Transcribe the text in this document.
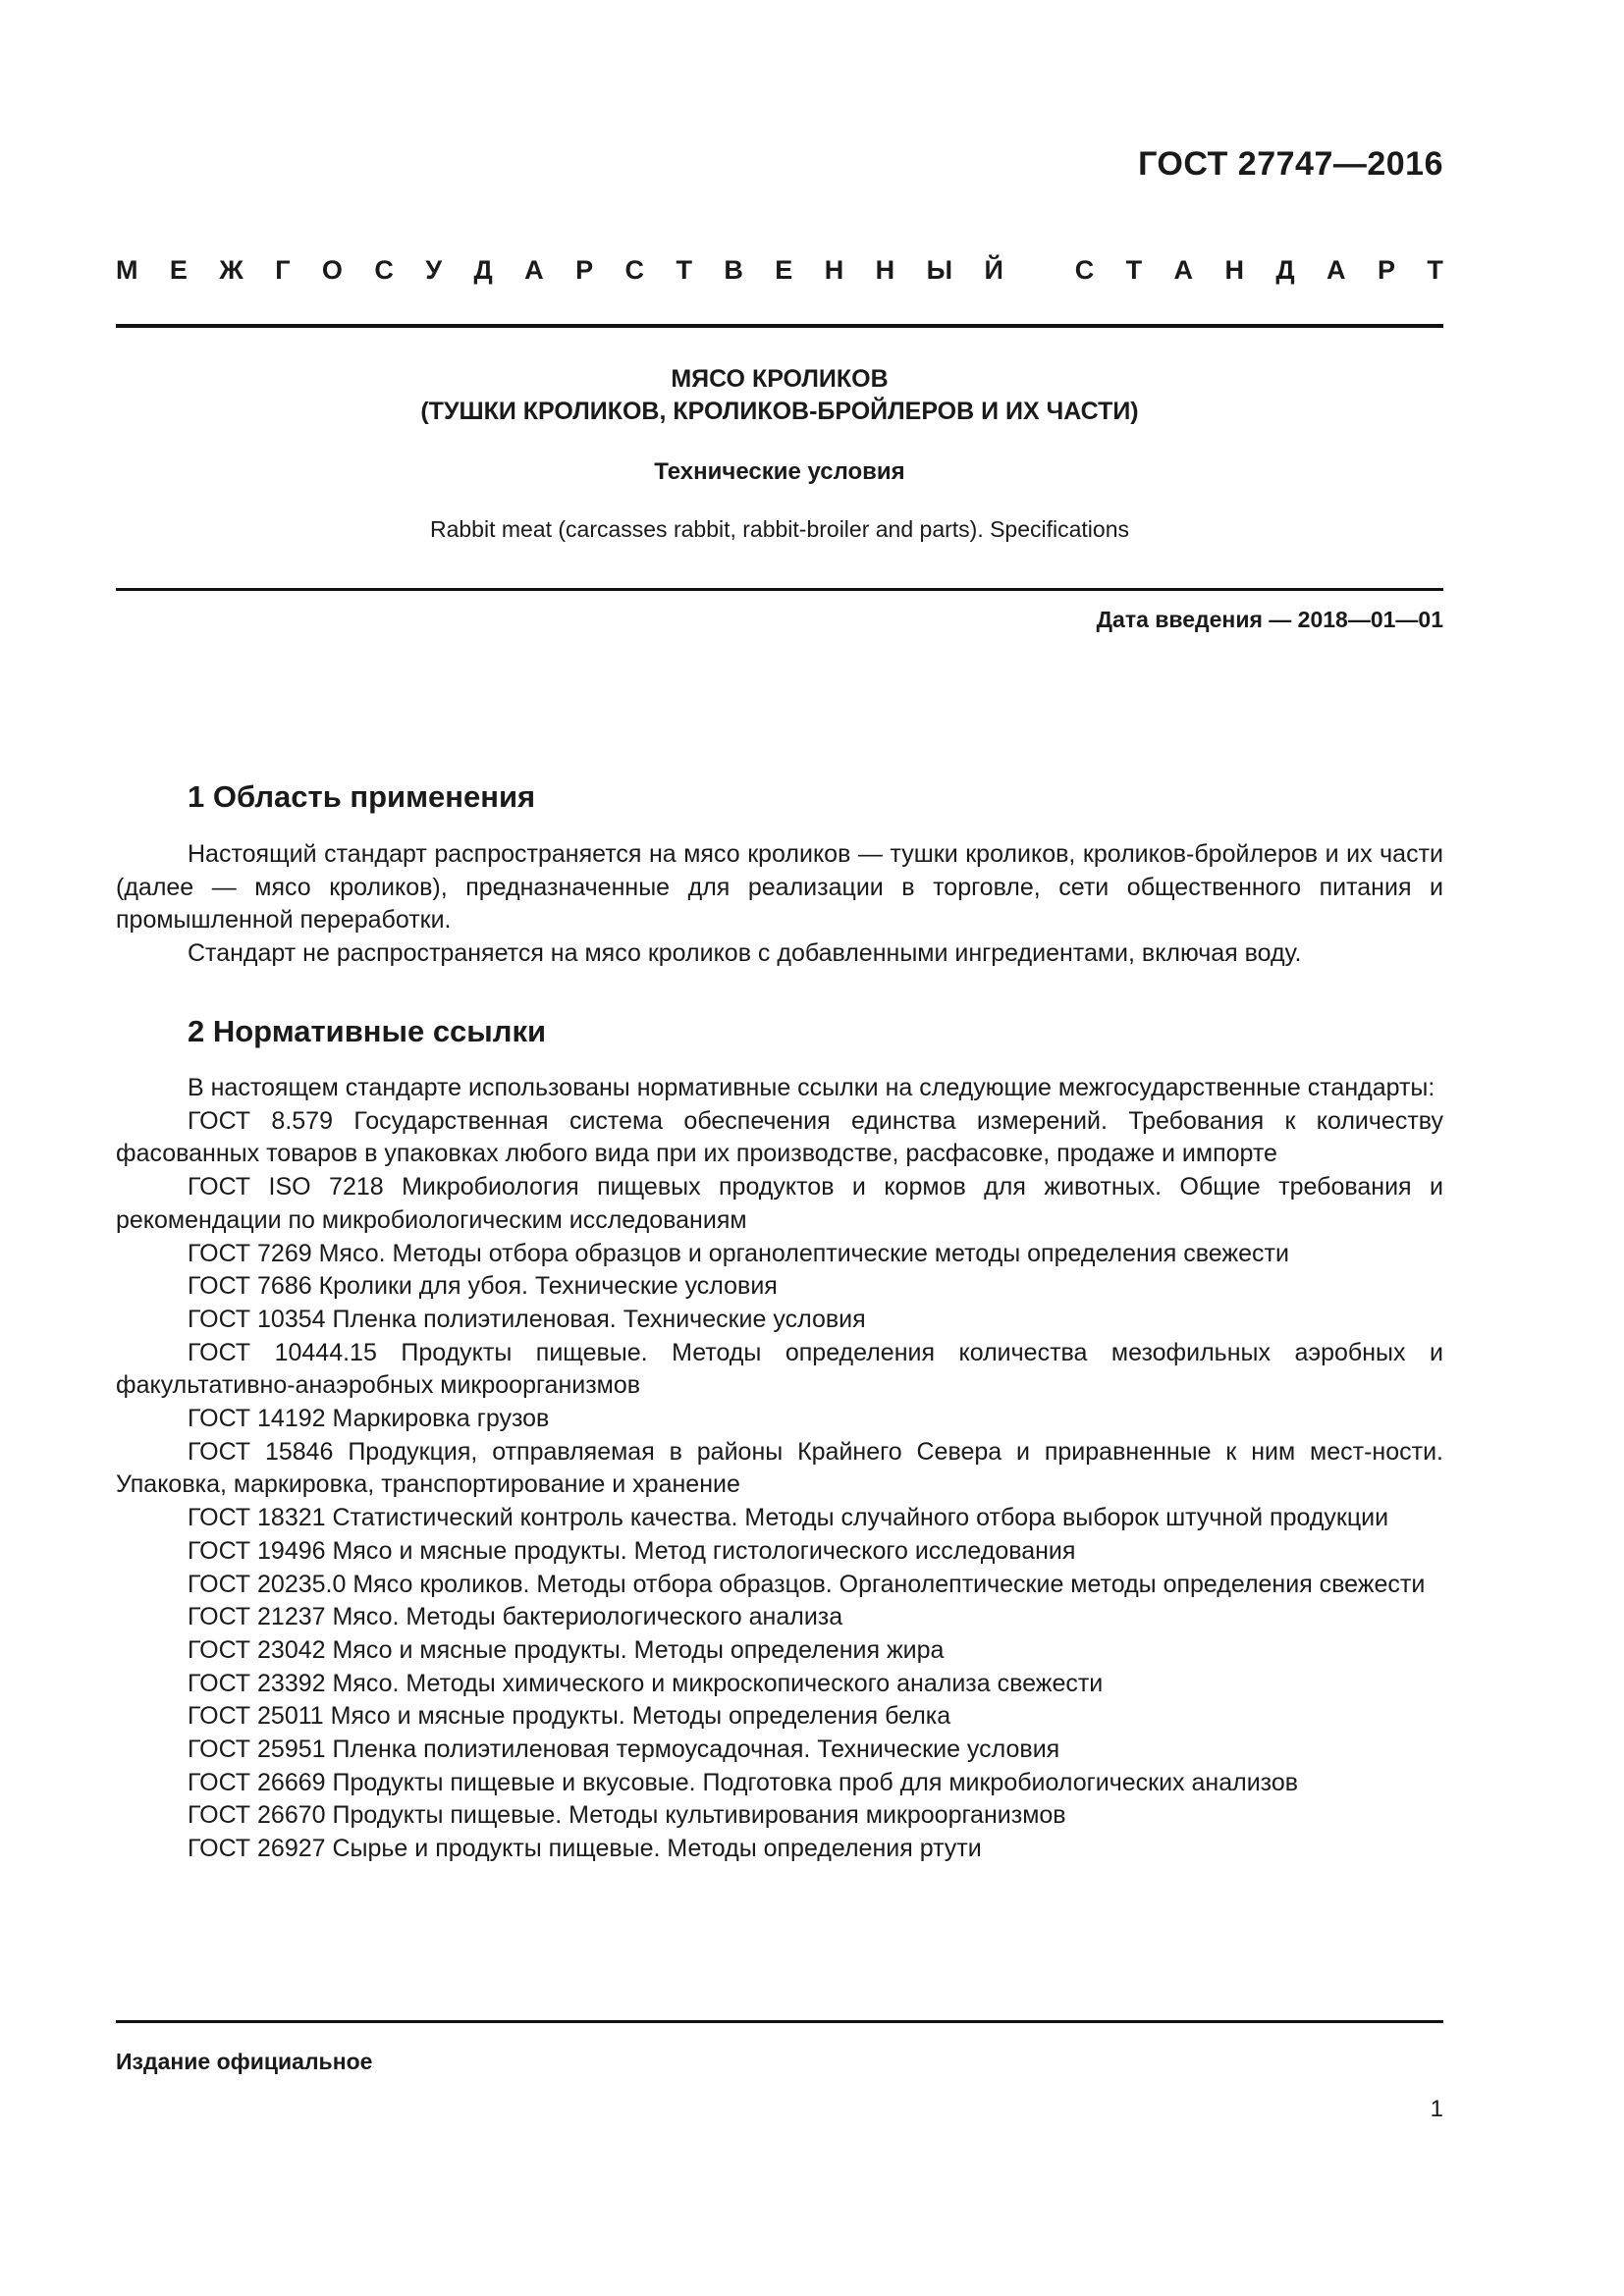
ГОСТ 27747—2016
М Е Ж Г О С У Д А Р С Т В Е Н Н Ы Й	С Т А Н Д А Р Т
МЯСО КРОЛИКОВ
(ТУШКИ КРОЛИКОВ, КРОЛИКОВ-БРОЙЛЕРОВ И ИХ ЧАСТИ)
Технические условия
Rabbit meat (carcasses rabbit, rabbit-broiler and parts). Specifications
Дата введения — 2018—01—01
1 Область применения

Настоящий стандарт распространяется на мясо кроликов — тушки кроликов, кроликов-бройлеров и их части (далее — мясо кроликов), предназначенные для реализации в торговле, сети общественного питания и промышленной переработки.

Стандарт не распространяется на мясо кроликов с добавленными ингредиентами, включая воду.

2 Нормативные ссылки

В настоящем стандарте использованы нормативные ссылки на следующие межгосударственные стандарты:

ГОСТ 8.579 Государственная система обеспечения единства измерений. Требования к количеству фасованных товаров в упаковках любого вида при их производстве, расфасовке, продаже и импорте

ГОСТ ISO 7218 Микробиология пищевых продуктов и кормов для животных. Общие требования и рекомендации по микробиологическим исследованиям

ГОСТ 7269 Мясо. Методы отбора образцов и органолептические методы определения свежести

ГОСТ 7686 Кролики для убоя. Технические условия

ГОСТ 10354 Пленка полиэтиленовая. Технические условия

ГОСТ 10444.15 Продукты пищевые. Методы определения количества мезофильных аэробных и факультативно-анаэробных микроорганизмов

ГОСТ 14192 Маркировка грузов

ГОСТ 15846 Продукция, отправляемая в районы Крайнего Севера и приравненные к ним мест-ности. Упаковка, маркировка, транспортирование и хранение

ГОСТ 18321 Статистический контроль качества. Методы случайного отбора выборок штучной продукции

ГОСТ 19496 Мясо и мясные продукты. Метод гистологического исследования

ГОСТ 20235.0 Мясо кроликов. Методы отбора образцов. Органолептические методы определения свежести

ГОСТ 21237 Мясо. Методы бактериологического анализа

ГОСТ 23042 Мясо и мясные продукты. Методы определения жира

ГОСТ 23392 Мясо. Методы химического и микроскопического анализа свежести

ГОСТ 25011 Мясо и мясные продукты. Методы определения белка

ГОСТ 25951 Пленка полиэтиленовая термоусадочная. Технические условия

ГОСТ 26669 Продукты пищевые и вкусовые. Подготовка проб для микробиологических анализов

ГОСТ 26670 Продукты пищевые. Методы культивирования микроорганизмов

ГОСТ 26927 Сырье и продукты пищевые. Методы определения ртути

Издание официальное
1
